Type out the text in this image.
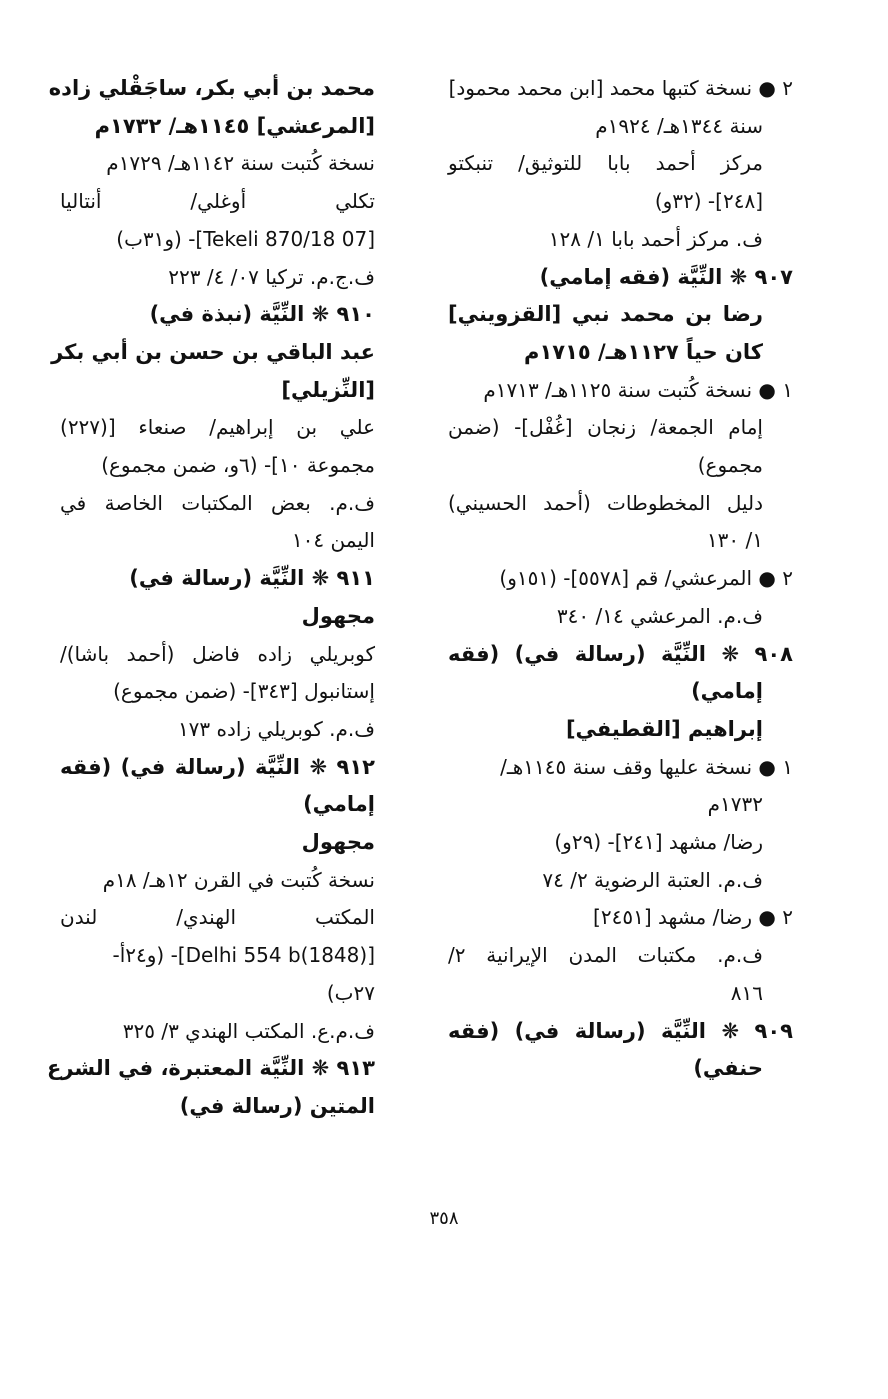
٢ ● نسخة كتبها محمد [ابن محمد محمود]
سنة ١٣٤٤هـ/ ١٩٢٤م
مركز أحمد بابا للتوثيق/ تنبكتو
[٢٤٨]- (٣٢و)
ف. مركز أحمد بابا ١/ ١٢٨
٩٠٧ ❋ النِّيَّة (فقه إمامي)
رضا بن محمد نبي [القزويني]
كان حياً ١١٢٧هـ/ ١٧١٥م
١ ● نسخة كُتبت سنة ١١٢٥هـ/ ١٧١٣م
إمام الجمعة/ زنجان [غُفْل]- (ضمن
مجموع)
دليل المخطوطات (أحمد الحسيني)
١/ ١٣٠
٢ ● المرعشي/ قم [٥٥٧٨]- (١٥١و)
ف.م. المرعشي ١٤/ ٣٤٠
٩٠٨ ❋ النِّيَّة (رسالة في) (فقه
إمامي)
إبراهيم [القطيفي]
١ ● نسخة عليها وقف سنة ١١٤٥هـ/
١٧٣٢م
رضا/ مشهد [٢٤١]- (٢٩و)
ف.م. العتبة الرضوية ٢/ ٧٤
٢ ● رضا/ مشهد [٢٤٥١]
ف.م. مكتبات المدن الإيرانية ٢/
٨١٦
٩٠٩ ❋ النِّيَّة (رسالة في) (فقه
حنفي)
محمد بن أبي بكر، ساجَقْلي زاده
[المرعشي] ١١٤٥هـ/ ١٧٣٢م
نسخة كُتبت سنة ١١٤٢هـ/ ١٧٢٩م
تكلي أوغلي/ أنتاليا
[07 Tekeli 870/18]- (و٣١ب)
ف.ج.م. تركيا ٠٧/ ٤/ ٢٢٣
٩١٠ ❋ النِّيَّة (نبذة في)
عبد الباقي بن حسن بن أبي بكر
[النِّزيلي]
علي بن إبراهيم/ صنعاء [(٢٢٧)
مجموعة ١٠]- (٦و، ضمن مجموع)
ف.م. بعض المكتبات الخاصة في
اليمن ١٠٤
٩١١ ❋ النِّيَّة (رسالة في)
مجهول
كوبريلي زاده فاضل (أحمد باشا)/
إستانبول [٣٤٣]- (ضمن مجموع)
ف.م. كوبريلي زاده ١٧٣
٩١٢ ❋ النِّيَّة (رسالة في) (فقه
إمامي)
مجهول
نسخة كُتبت في القرن ١٢هـ/ ١٨م
المكتب الهندي/ لندن
[(1848)Delhi 554 b]- (و٢٤أ-
٢٧ب)
ف.م.ع. المكتب الهندي ٣/ ٣٢٥
٩١٣ ❋ النِّيَّة المعتبرة، في الشرع
المتين (رسالة في)
٣٥٨
